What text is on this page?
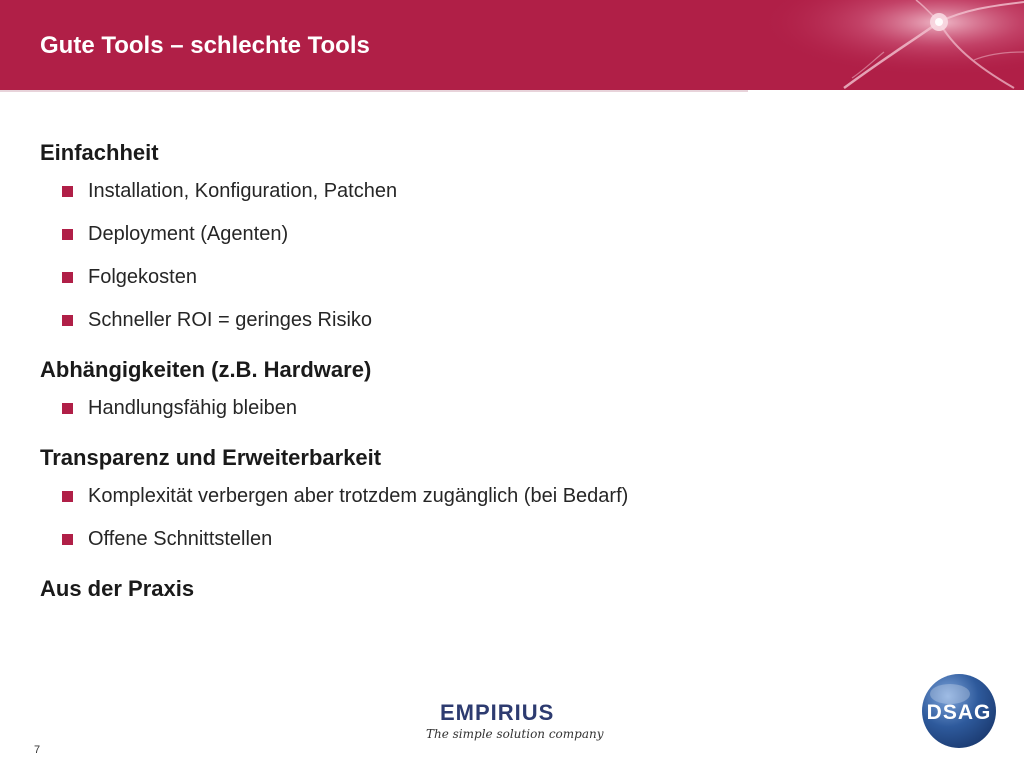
Gute Tools – schlechte Tools
Einfachheit
Installation, Konfiguration, Patchen
Deployment (Agenten)
Folgekosten
Schneller ROI = geringes Risiko
Abhängigkeiten (z.B. Hardware)
Handlungsfähig bleiben
Transparenz und Erweiterbarkeit
Komplexität verbergen aber trotzdem zugänglich (bei Bedarf)
Offene Schnittstellen
Aus der Praxis
EMPIRIUS
The simple solution company
DSAG
7
